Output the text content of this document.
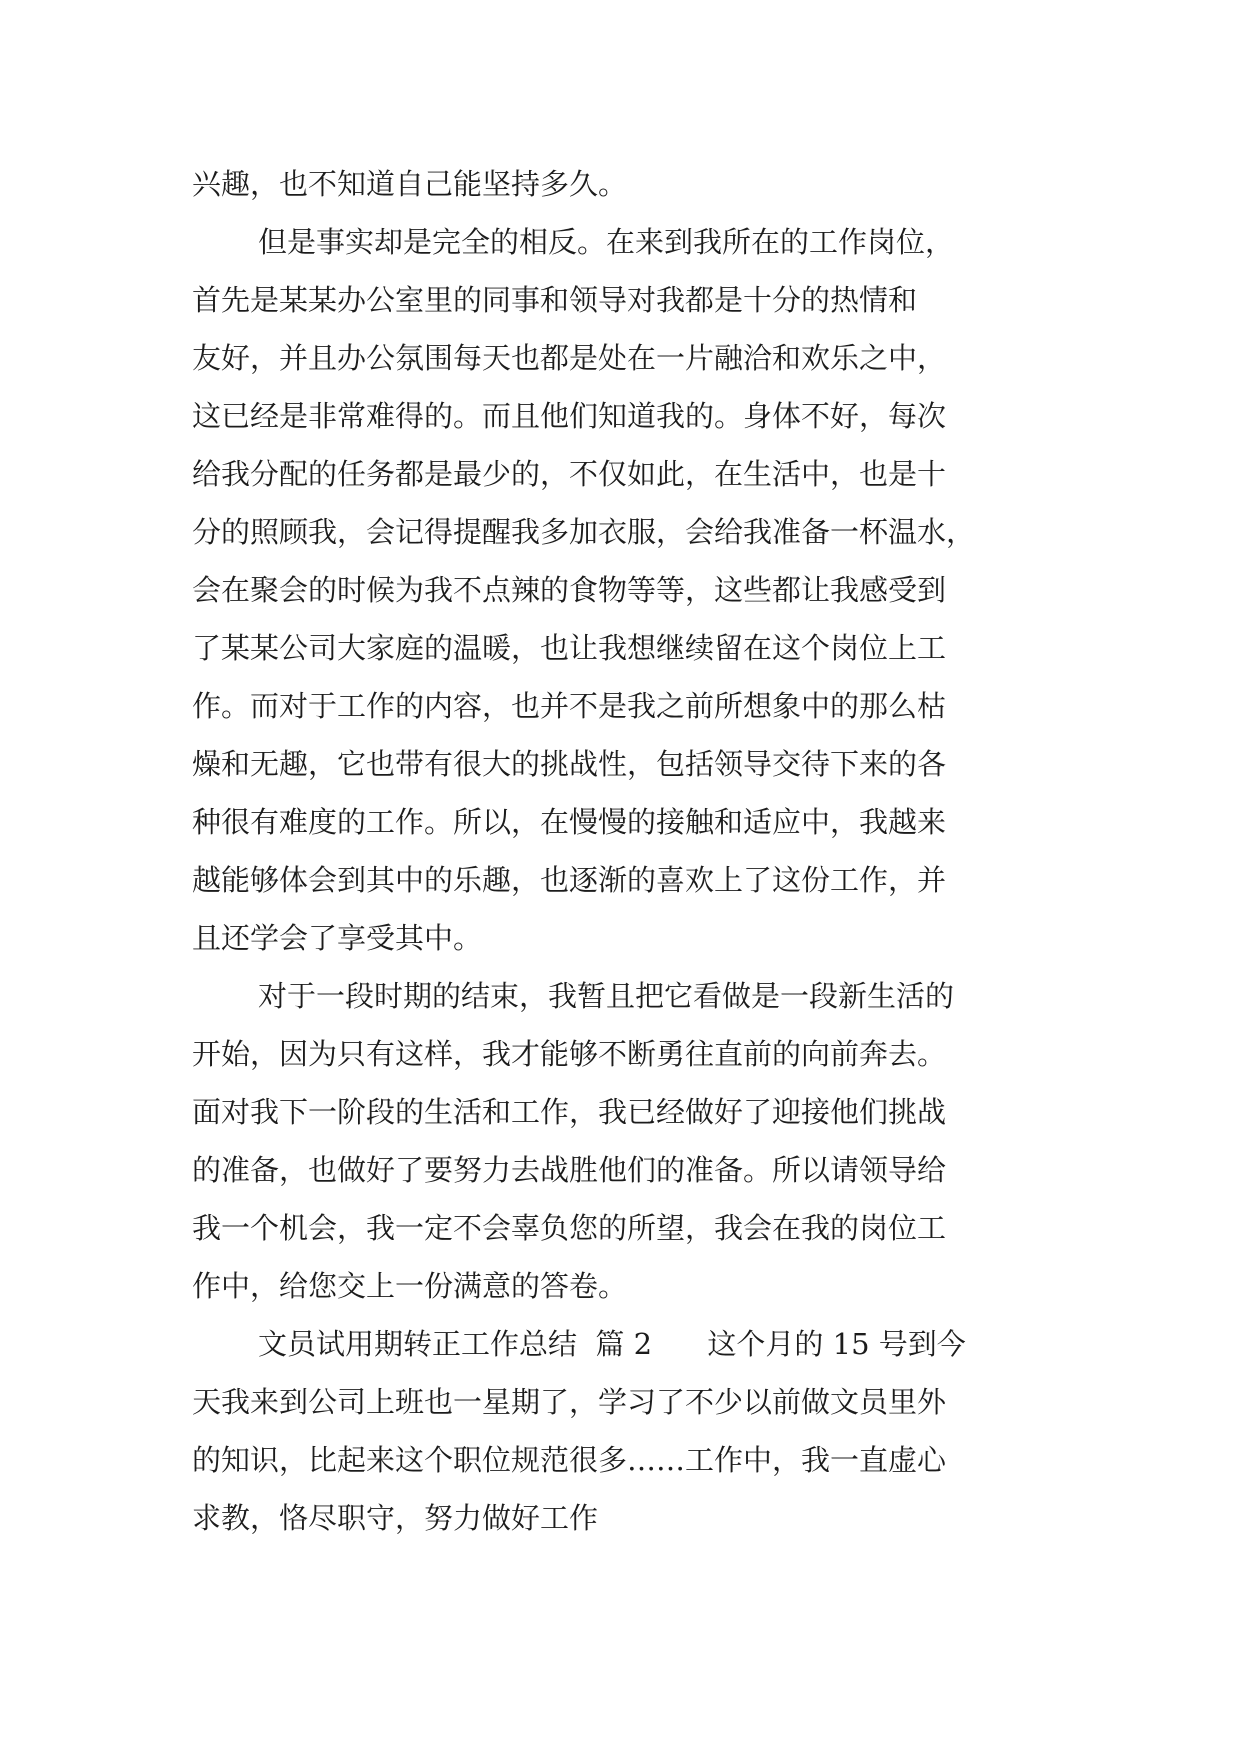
兴趣，也不知道自己能坚持多久。
但是事实却是完全的相反。在来到我所在的工作岗位，
首先是某某办公室里的同事和领导对我都是十分的热情和
友好，并且办公氛围每天也都是处在一片融洽和欢乐之中，
这已经是非常难得的。而且他们知道我的。身体不好，每次
给我分配的任务都是最少的，不仅如此，在生活中，也是十
分的照顾我，会记得提醒我多加衣服，会给我准备一杯温水，
会在聚会的时候为我不点辣的食物等等，这些都让我感受到
了某某公司大家庭的温暖，也让我想继续留在这个岗位上工
作。而对于工作的内容，也并不是我之前所想象中的那么枯
燥和无趣，它也带有很大的挑战性，包括领导交待下来的各
种很有难度的工作。所以，在慢慢的接触和适应中，我越来
越能够体会到其中的乐趣，也逐渐的喜欢上了这份工作，并
且还学会了享受其中。
对于一段时期的结束，我暂且把它看做是一段新生活的
开始，因为只有这样，我才能够不断勇往直前的向前奔去。
面对我下一阶段的生活和工作，我已经做好了迎接他们挑战
的准备，也做好了要努力去战胜他们的准备。所以请领导给
我一个机会，我一定不会辜负您的所望，我会在我的岗位工
作中，给您交上一份满意的答卷。
文员试用期转正工作总结  篇 2      这个月的 15 号到今
天我来到公司上班也一星期了，学习了不少以前做文员里外
的知识，比起来这个职位规范很多……工作中，我一直虚心
求教，恪尽职守，努力做好工作
